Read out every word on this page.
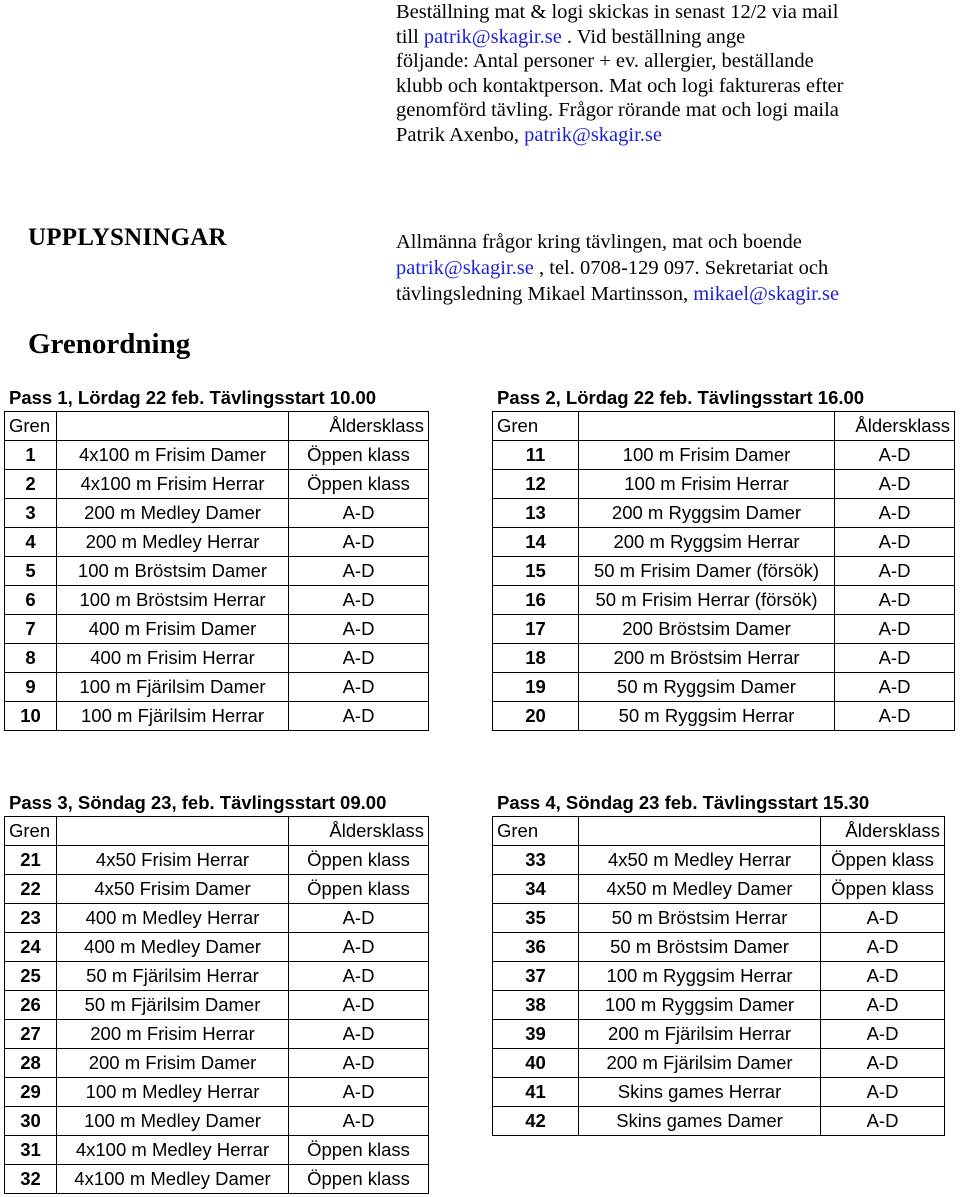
Beställning mat & logi skickas in senast 12/2 via mail

till patrik@skagir.se . Vid beställning ange

följande: Antal personer + ev. allergier, beställande

klubb och kontaktperson. Mat och logi faktureras efter

genomförd tävling. Frågor rörande mat och logi maila

Patrik Axenbo, patrik@skagir.se

UPPLYSNINGAR	Allmänna frågor kring tävlingen, mat och boende

patrik@skagir.se , tel. 0708-129 097. Sekretariat och

tävlingsledning Mikael Martinsson, mikael@skagir.se

Grenordning
Pass 1, Lördag 22 feb. Tävlingsstart 10.00	Pass 2, Lördag 22 feb. Tävlingsstart 16.00
Pass 3, Söndag 23, feb. Tävlingsstart 09.00	Pass 4, Söndag 23 feb. Tävlingsstart 15.30
Gren		Åldersklass
1	4x100 m Frisim Damer	Öppen klass
2	4x100 m Frisim Herrar	Öppen klass
3	200 m Medley Damer	A-D
4	200 m Medley Herrar	A-D
5	100 m Bröstsim Damer	A-D
6	100 m Bröstsim Herrar	A-D
7	400 m Frisim Damer	A-D
8	400 m Frisim Herrar	A-D
9	100 m Fjärilsim Damer	A-D
10	100 m Fjärilsim Herrar	A-D
Gren		Åldersklass
11	100 m Frisim Damer	A-D
12	100 m Frisim Herrar	A-D
13	200 m Ryggsim Damer	A-D
14	200 m Ryggsim Herrar	A-D
15	50 m Frisim Damer (försök)	A-D
16	50 m Frisim Herrar (försök)	A-D
17	200 Bröstsim Damer	A-D
18	200 m Bröstsim Herrar	A-D
19	50 m Ryggsim Damer	A-D
20	50 m Ryggsim Herrar	A-D
Gren		Åldersklass
21	4x50 Frisim Herrar	Öppen klass
22	4x50 Frisim Damer	Öppen klass
23	400 m Medley Herrar	A-D
24	400 m Medley Damer	A-D
25	50 m Fjärilsim Herrar	A-D
26	50 m Fjärilsim Damer	A-D
27	200 m Frisim Herrar	A-D
28	200 m Frisim Damer	A-D
29	100 m Medley Herrar	A-D
30	100 m Medley Damer	A-D
31	4x100 m Medley Herrar	Öppen klass
32	4x100 m Medley Damer	Öppen klass
Gren		Åldersklass
33	4x50 m Medley Herrar	Öppen klass
34	4x50 m Medley Damer	Öppen klass
35	50 m Bröstsim Herrar	A-D
36	50 m Bröstsim Damer	A-D
37	100 m Ryggsim Herrar	A-D
38	100 m Ryggsim Damer	A-D
39	200 m Fjärilsim Herrar	A-D
40	200 m Fjärilsim Damer	A-D
41	Skins games Herrar	A-D
42	Skins games Damer	A-D
